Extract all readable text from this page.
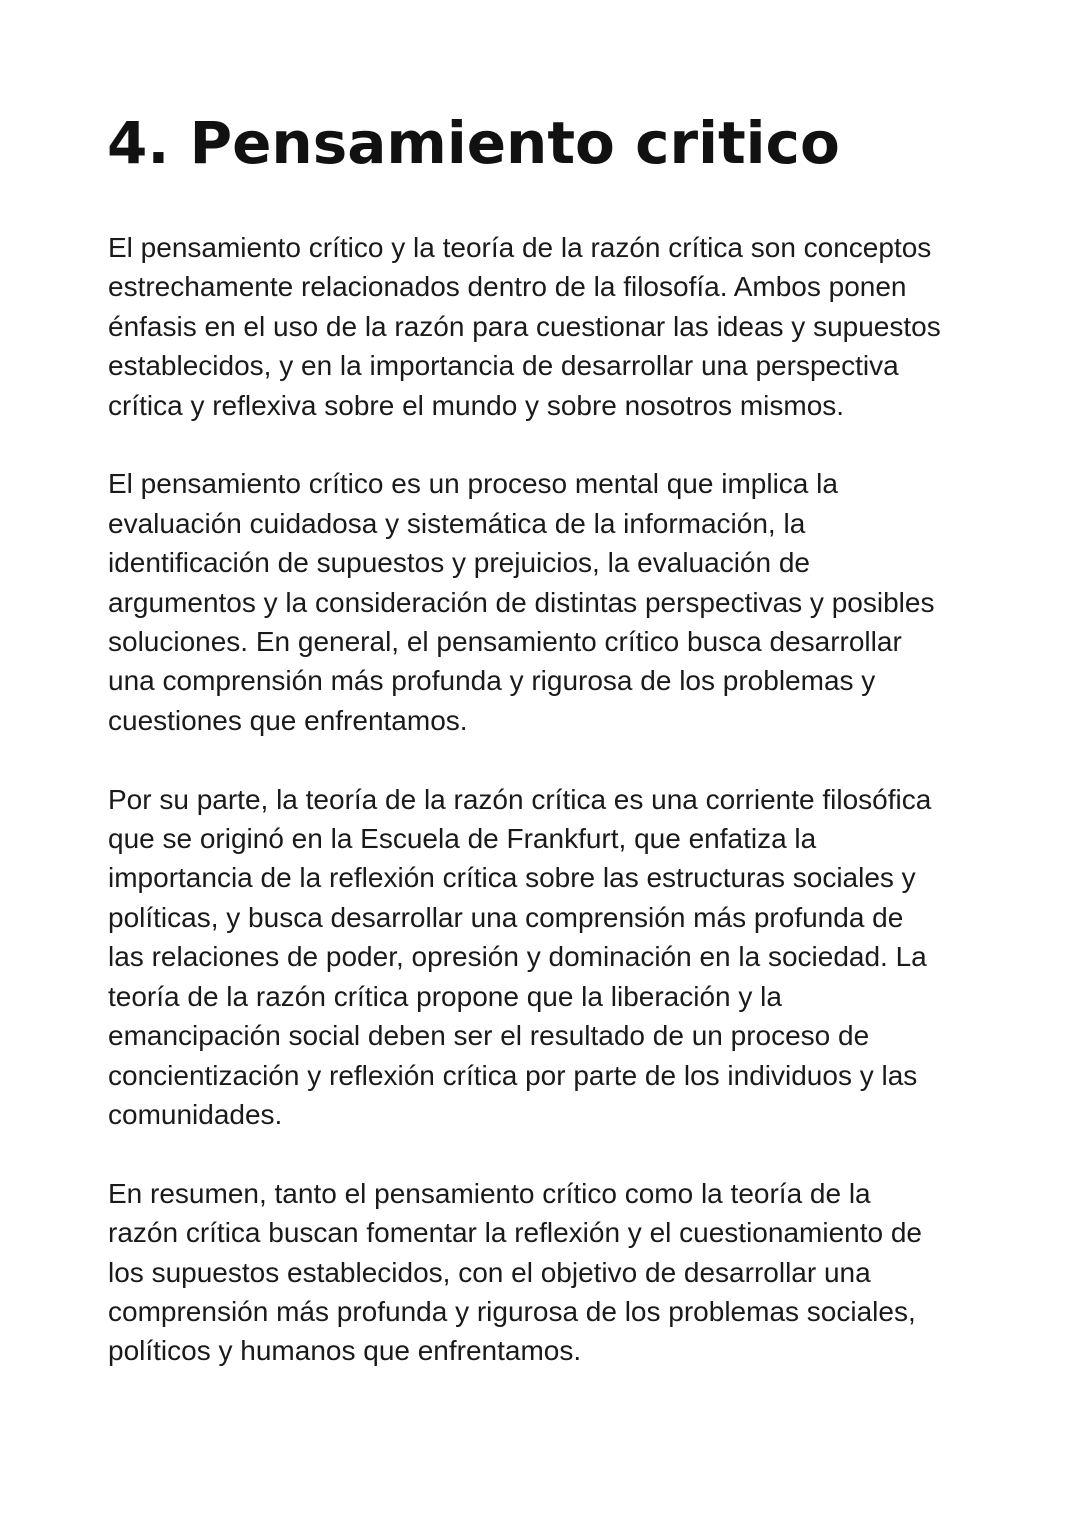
4. Pensamiento critico

El pensamiento crítico y la teoría de la razón crítica son conceptos
estrechamente relacionados dentro de la filosofía. Ambos ponen
énfasis en el uso de la razón para cuestionar las ideas y supuestos
establecidos, y en la importancia de desarrollar una perspectiva
crítica y reflexiva sobre el mundo y sobre nosotros mismos.

El pensamiento crítico es un proceso mental que implica la
evaluación cuidadosa y sistemática de la información, la
identificación de supuestos y prejuicios, la evaluación de
argumentos y la consideración de distintas perspectivas y posibles
soluciones. En general, el pensamiento crítico busca desarrollar
una comprensión más profunda y rigurosa de los problemas y
cuestiones que enfrentamos.

Por su parte, la teoría de la razón crítica es una corriente filosófica
que se originó en la Escuela de Frankfurt, que enfatiza la
importancia de la reflexión crítica sobre las estructuras sociales y
políticas, y busca desarrollar una comprensión más profunda de
las relaciones de poder, opresión y dominación en la sociedad. La
teoría de la razón crítica propone que la liberación y la
emancipación social deben ser el resultado de un proceso de
concientización y reflexión crítica por parte de los individuos y las
comunidades.

En resumen, tanto el pensamiento crítico como la teoría de la
razón crítica buscan fomentar la reflexión y el cuestionamiento de
los supuestos establecidos, con el objetivo de desarrollar una
comprensión más profunda y rigurosa de los problemas sociales,
políticos y humanos que enfrentamos.
